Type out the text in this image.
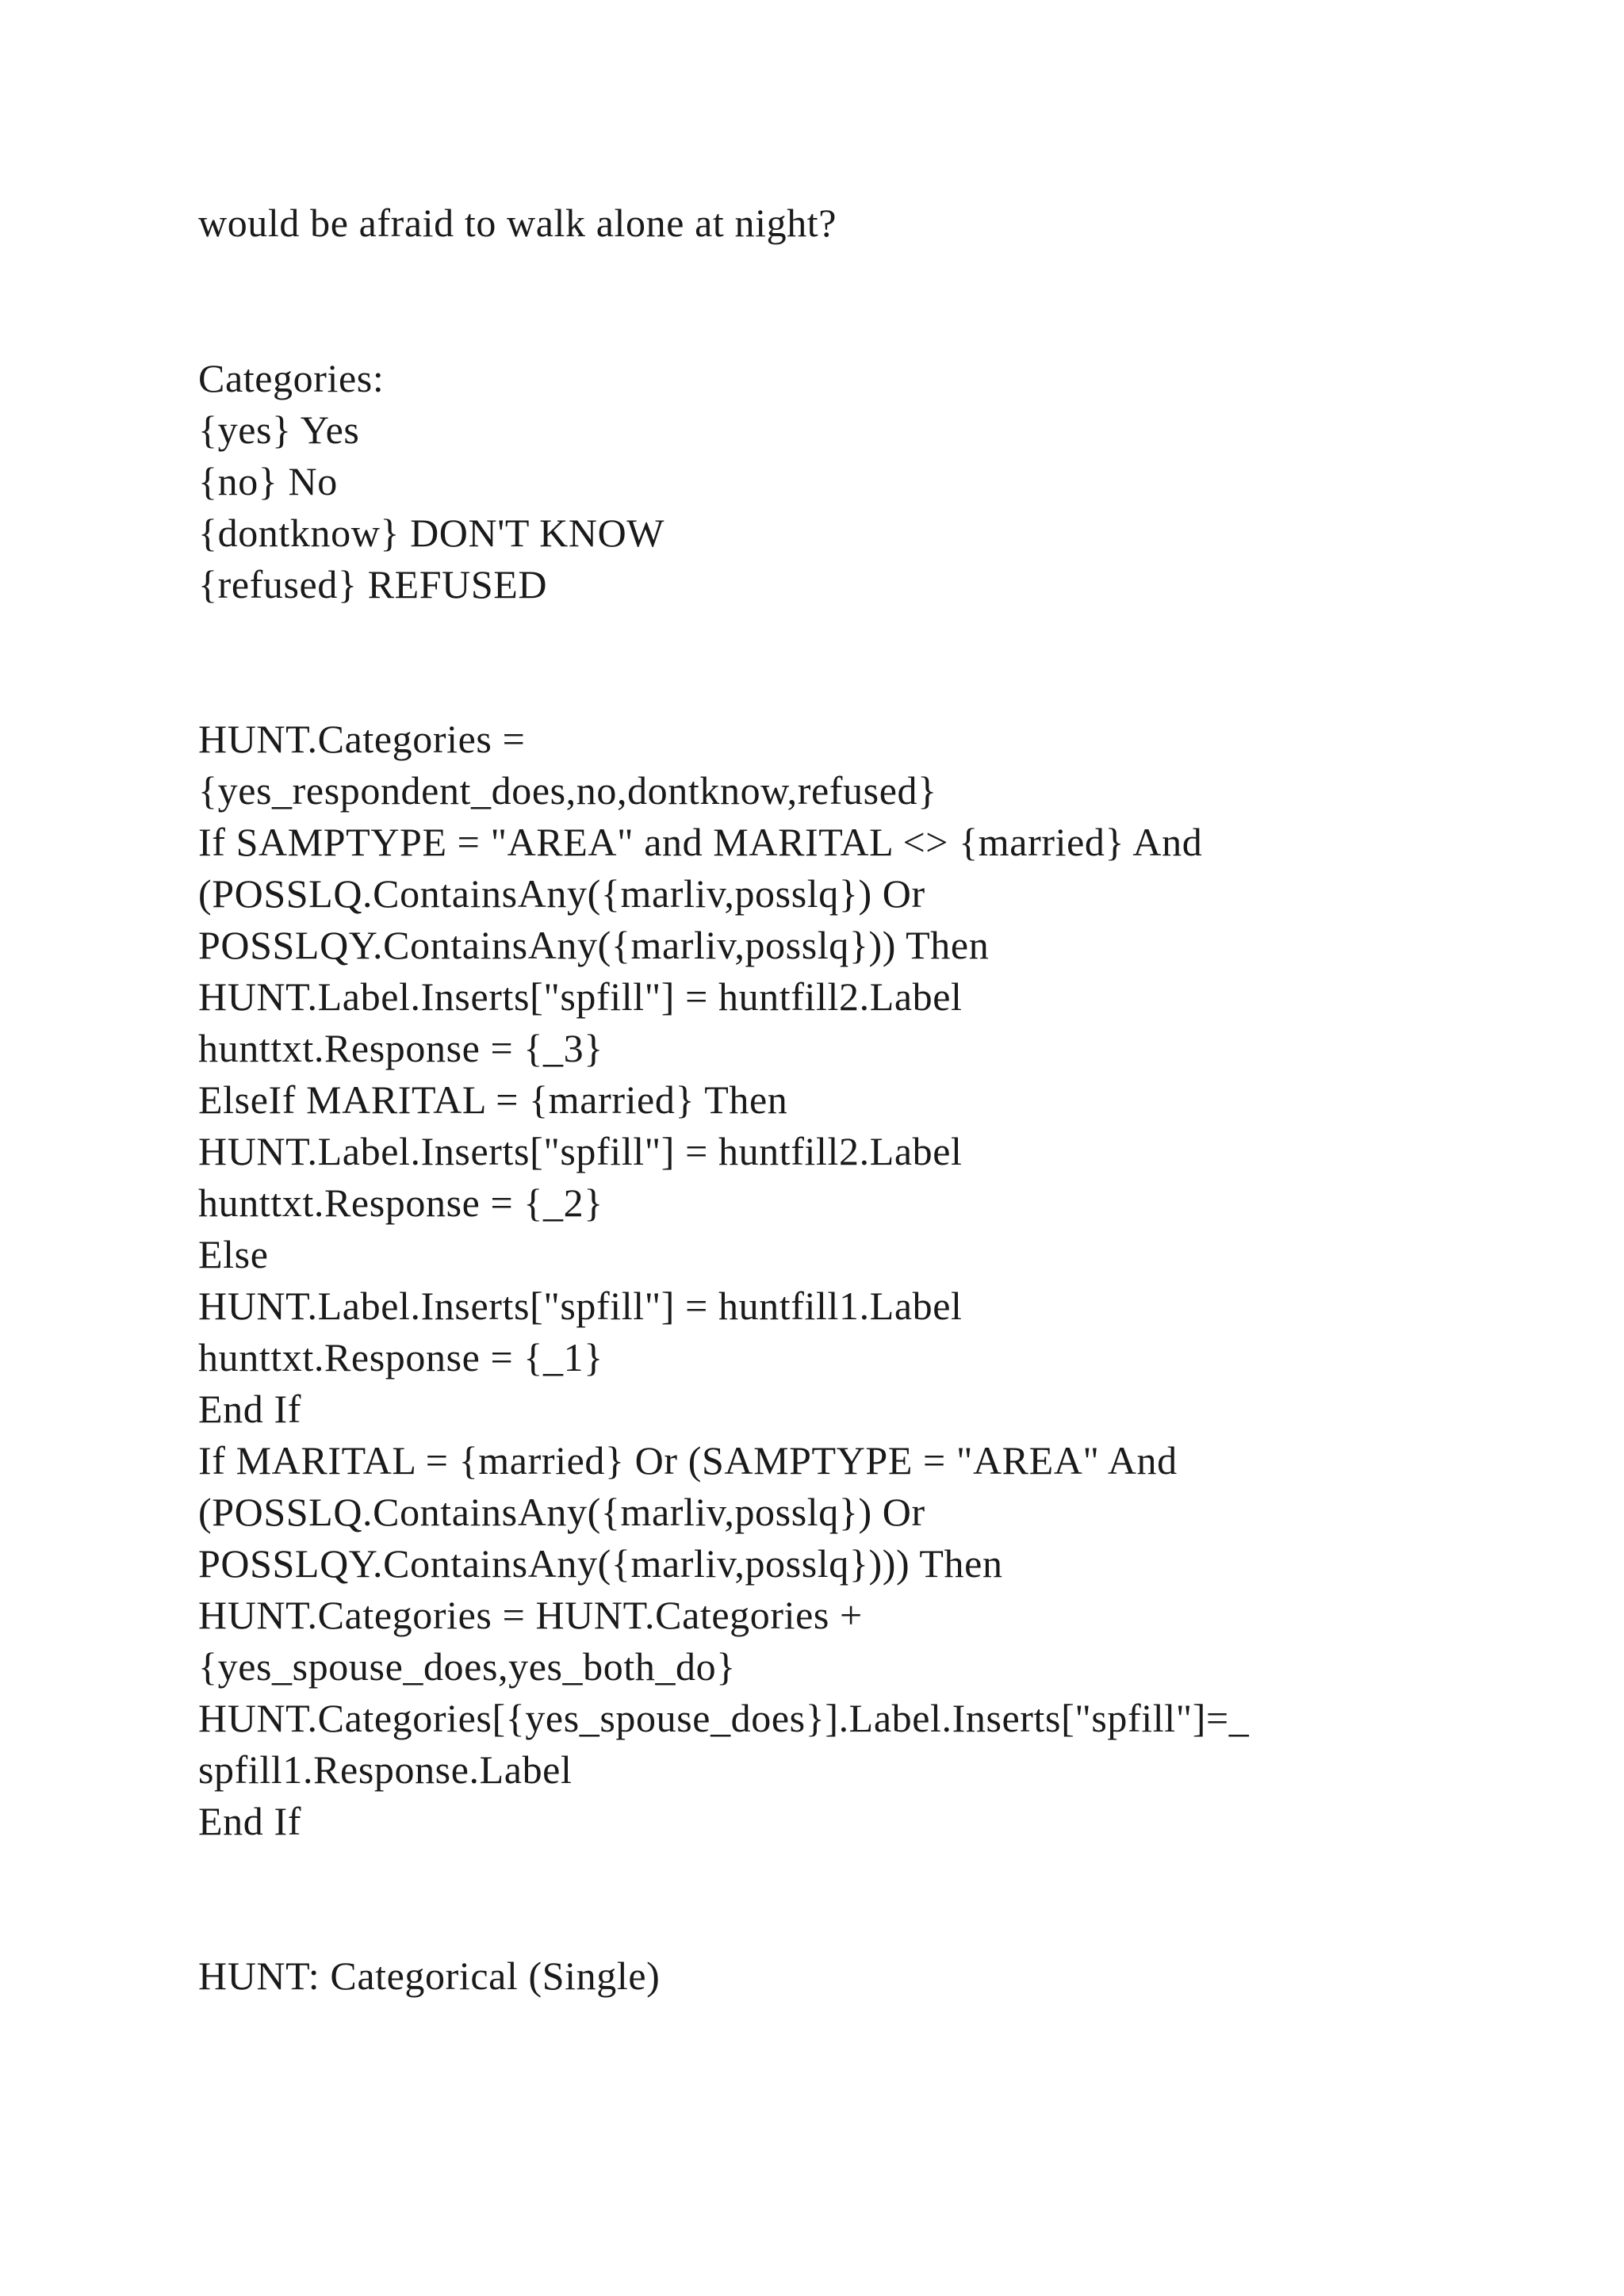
would be afraid to walk alone at night?
Categories:
{yes} Yes
{no} No
{dontknow} DON'T KNOW
{refused} REFUSED
HUNT.Categories =
{yes_respondent_does,no,dontknow,refused}
If SAMPTYPE = "AREA" and MARITAL <> {married} And
(POSSLQ.ContainsAny({marliv,posslq}) Or
POSSLQY.ContainsAny({marliv,posslq})) Then
HUNT.Label.Inserts["spfill"] = huntfill2.Label
hunttxt.Response = {_3}
ElseIf MARITAL = {married} Then
HUNT.Label.Inserts["spfill"] = huntfill2.Label
hunttxt.Response = {_2}
Else
HUNT.Label.Inserts["spfill"] = huntfill1.Label
hunttxt.Response = {_1}
End If
If MARITAL = {married} Or (SAMPTYPE = "AREA" And
(POSSLQ.ContainsAny({marliv,posslq}) Or
POSSLQY.ContainsAny({marliv,posslq}))) Then
HUNT.Categories = HUNT.Categories +
{yes_spouse_does,yes_both_do}
HUNT.Categories[{yes_spouse_does}].Label.Inserts["spfill"]=_
spfill1.Response.Label
End If
HUNT: Categorical (Single)
